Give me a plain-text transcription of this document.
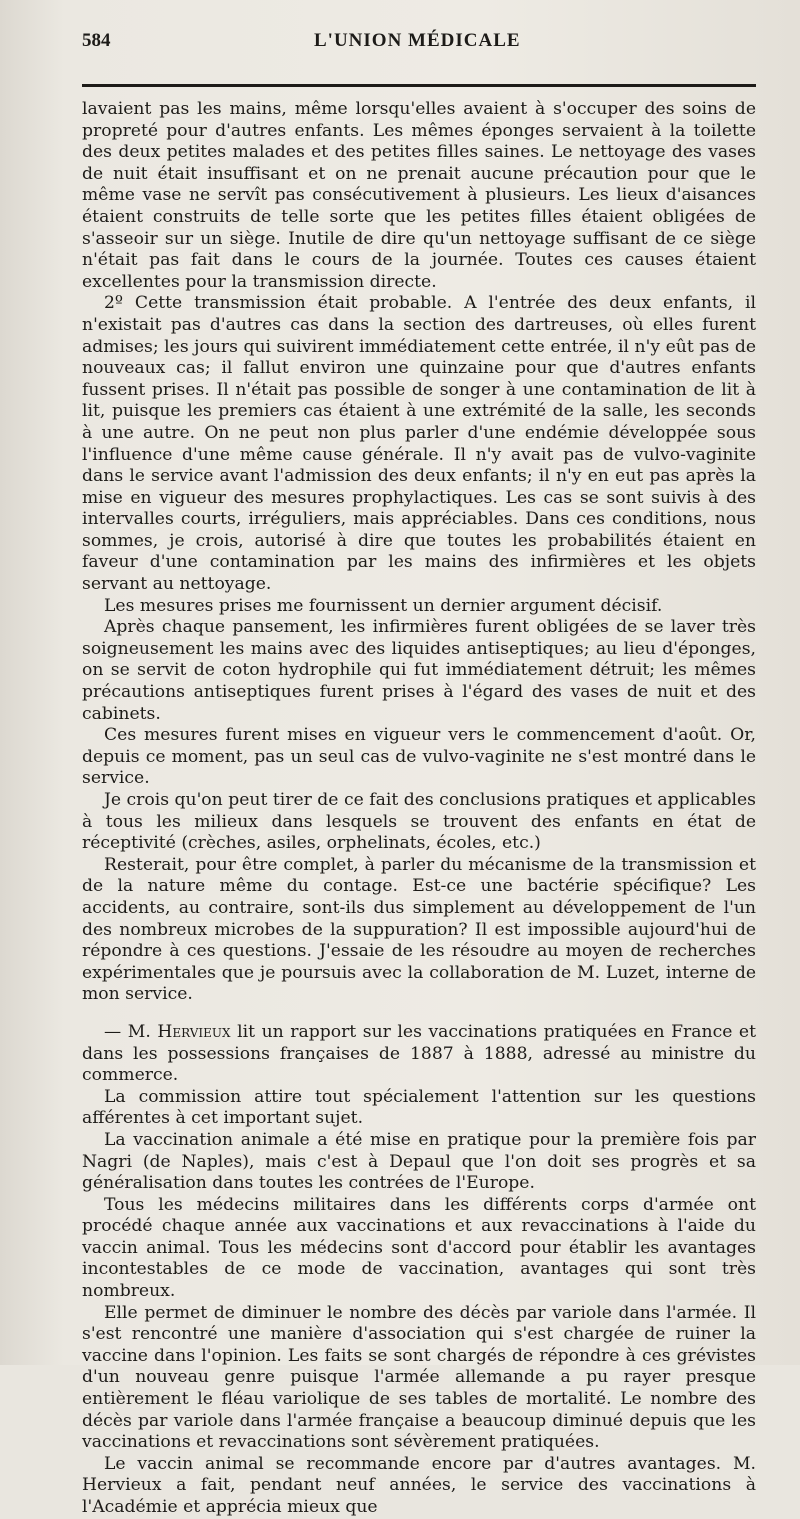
584	L'UNION MÉDICALE

lavaient pas les mains, même lorsqu'elles avaient à s'occuper des soins de propreté pour d'autres enfants. Les mêmes éponges servaient à la toilette des deux petites malades et des petites filles saines. Le nettoyage des vases de nuit était insuffisant et on ne prenait aucune précaution pour que le même vase ne servît pas consécutivement à plusieurs. Les lieux d'aisances étaient construits de telle sorte que les petites filles étaient obligées de s'asseoir sur un siège. Inutile de dire qu'un nettoyage suffisant de ce siège n'était pas fait dans le cours de la journée. Toutes ces causes étaient excellentes pour la transmission directe.

2º Cette transmission était probable. A l'entrée des deux enfants, il n'existait pas d'autres cas dans la section des dartreuses, où elles furent admises; les jours qui suivirent immédiatement cette entrée, il n'y eût pas de nouveaux cas; il fallut environ une quinzaine pour que d'autres enfants fussent prises. Il n'était pas possible de songer à une contamination de lit à lit, puisque les premiers cas étaient à une extrémité de la salle, les seconds à une autre. On ne peut non plus parler d'une endémie développée sous l'influence d'une même cause générale. Il n'y avait pas de vulvo-vaginite dans le service avant l'admission des deux enfants; il n'y en eut pas après la mise en vigueur des mesures prophylactiques. Les cas se sont suivis à des intervalles courts, irréguliers, mais appréciables. Dans ces conditions, nous sommes, je crois, autorisé à dire que toutes les probabilités étaient en faveur d'une contamination par les mains des infirmières et les objets servant au nettoyage.

Les mesures prises me fournissent un dernier argument décisif.

Après chaque pansement, les infirmières furent obligées de se laver très soigneusement les mains avec des liquides antiseptiques; au lieu d'éponges, on se servit de coton hydrophile qui fut immédiatement détruit; les mêmes précautions antiseptiques furent prises à l'égard des vases de nuit et des cabinets.

Ces mesures furent mises en vigueur vers le commencement d'août. Or, depuis ce moment, pas un seul cas de vulvo-vaginite ne s'est montré dans le service.

Je crois qu'on peut tirer de ce fait des conclusions pratiques et applicables à tous les milieux dans lesquels se trouvent des enfants en état de réceptivité (crèches, asiles, orphelinats, écoles, etc.)

Resterait, pour être complet, à parler du mécanisme de la transmission et de la nature même du contage. Est-ce une bactérie spécifique? Les accidents, au contraire, sont-ils dus simplement au développement de l'un des nombreux microbes de la suppuration? Il est impossible aujourd'hui de répondre à ces questions. J'essaie de les résoudre au moyen de recherches expérimentales que je poursuis avec la collaboration de M. Luzet, interne de mon service.

— M. Hervieux lit un rapport sur les vaccinations pratiquées en France et dans les possessions françaises de 1887 à 1888, adressé au ministre du commerce.

La commission attire tout spécialement l'attention sur les questions afférentes à cet important sujet.

La vaccination animale a été mise en pratique pour la première fois par Nagri (de Naples), mais c'est à Depaul que l'on doit ses progrès et sa généralisation dans toutes les contrées de l'Europe.

Tous les médecins militaires dans les différents corps d'armée ont procédé chaque année aux vaccinations et aux revaccinations à l'aide du vaccin animal. Tous les médecins sont d'accord pour établir les avantages incontestables de ce mode de vaccination, avantages qui sont très nombreux.

Elle permet de diminuer le nombre des décès par variole dans l'armée. Il s'est rencontré une manière d'association qui s'est chargée de ruiner la vaccine dans l'opinion. Les faits se sont chargés de répondre à ces grévistes d'un nouveau genre puisque l'armée allemande a pu rayer presque entièrement le fléau variolique de ses tables de mortalité. Le nombre des décès par variole dans l'armée française a beaucoup diminué depuis que les vaccinations et revaccinations sont sévèrement pratiquées.

Le vaccin animal se recommande encore par d'autres avantages. M. Hervieux a fait, pendant neuf années, le service des vaccinations à l'Académie et apprécia mieux que
